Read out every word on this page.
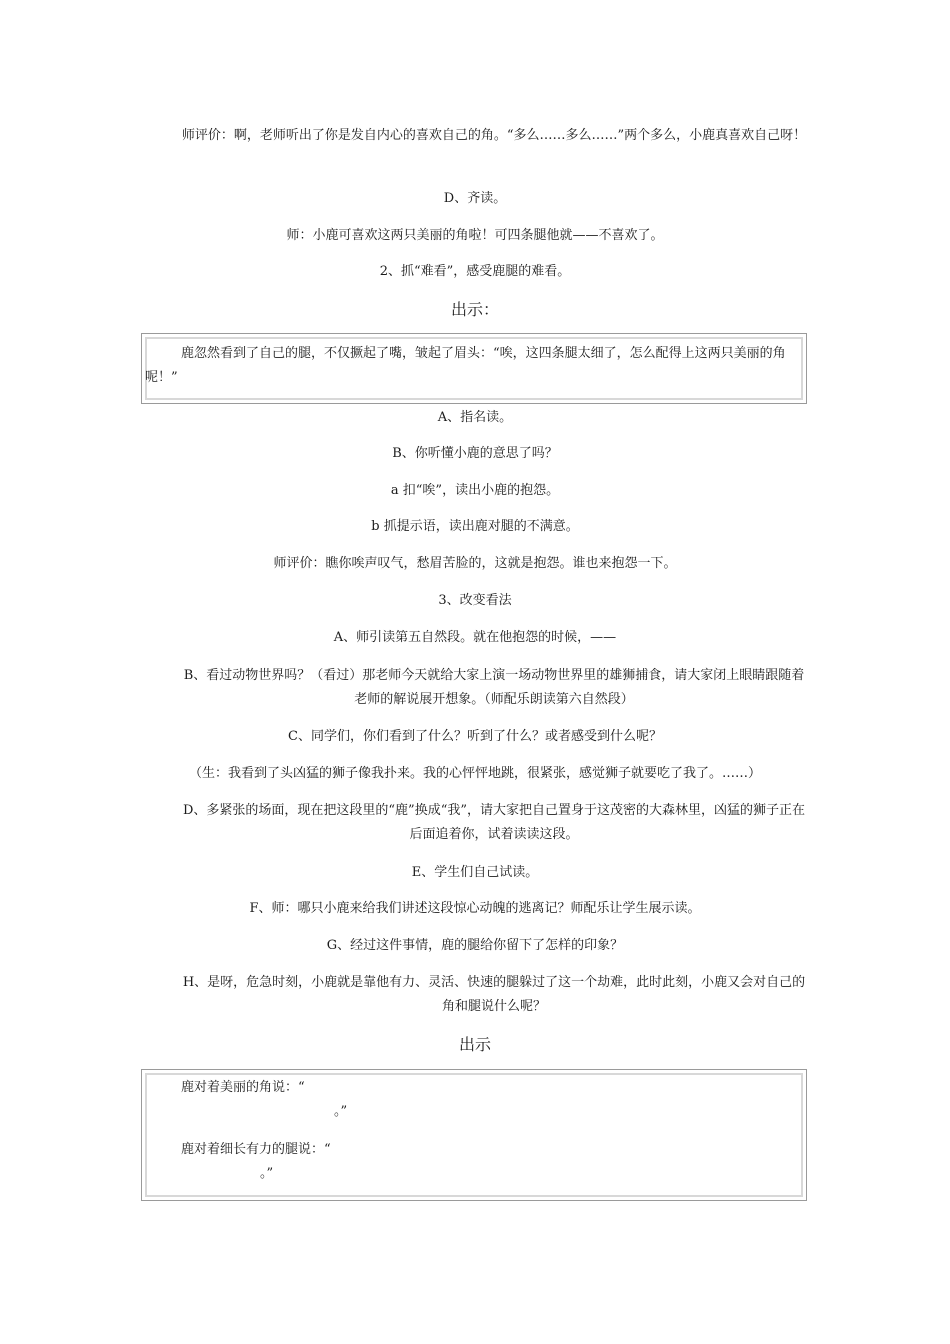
师评价：啊，老师听出了你是发自内心的喜欢自己的角。“多么……多么……”两个多么，小鹿真喜欢自己呀！
D、齐读。
师：小鹿可喜欢这两只美丽的角啦！可四条腿他就——不喜欢了。
2、抓“难看”，感受鹿腿的难看。
出示：
鹿忽然看到了自己的腿，不仅撅起了嘴，皱起了眉头：“唉，这四条腿太细了，怎么配得上这两只美丽的角呢！”
A、指名读。
B、你听懂小鹿的意思了吗？
a 扣“唉”，读出小鹿的抱怨。
b 抓提示语，读出鹿对腿的不满意。
师评价：瞧你唉声叹气，愁眉苦脸的，这就是抱怨。谁也来抱怨一下。
3、改变看法
A、师引读第五自然段。就在他抱怨的时候，——
B、看过动物世界吗？（看过）那老师今天就给大家上演一场动物世界里的雄狮捕食，请大家闭上眼睛跟随着老师的解说展开想象。（师配乐朗读第六自然段）
C、同学们，你们看到了什么？听到了什么？或者感受到什么呢？
（生：我看到了头凶猛的狮子像我扑来。我的心怦怦地跳，很紧张，感觉狮子就要吃了我了。……）
D、多紧张的场面，现在把这段里的“鹿”换成“我”，请大家把自己置身于这茂密的大森林里，凶猛的狮子正在后面追着你，试着读读这段。
E、学生们自己试读。
F、师：哪只小鹿来给我们讲述这段惊心动魄的逃离记？师配乐让学生展示读。
G、经过这件事情，鹿的腿给你留下了怎样的印象？
H、是呀，危急时刻，小鹿就是靠他有力、灵活、快速的腿躲过了这一个劫难，此时此刻，小鹿又会对自己的角和腿说什么呢？
出示
鹿对着美丽的角说：“
。”
鹿对着细长有力的腿说：“
。”
